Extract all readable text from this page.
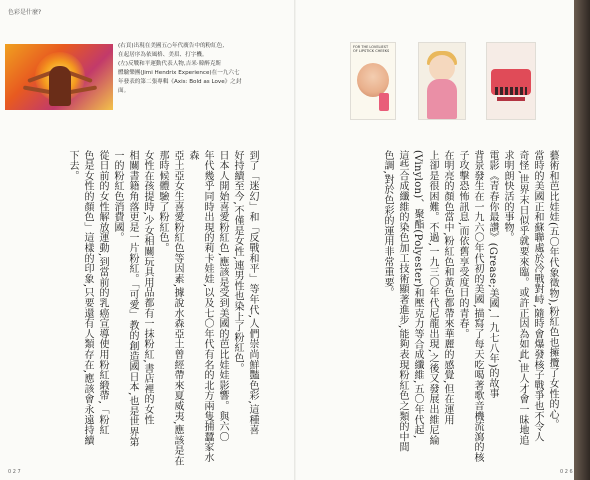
色彩是什麼?
0 2 7	0 2 6
(右頁)出現在美國五○年代廣告中的粉紅色,
在起居序為依風格、美眉、打字機。
(左)反戰和平運動代表人物,吉米‧韓醉克斯
體驗樂團(Jimi Hendrix Experience)在一九六七
年發表的第二張專輯《Axis: Bold as Love》之封
面。
FOR THE LOVELIEST OF LIPSTICK CHEEKS
藝術和芭比娃娃(五〇年代象徵物),粉紅色也擁攬了女性的心。
當時的美國正和蘇聯處於冷戰對峙,隨時會爆發核子戰爭也不令人
奇怪,世界末日似乎就要來臨。或許正因為如此,世人才會一昧地追
求明朗快活的事物。
電影《青春你最讚》(Grease;美國,一九七八年)的故事
背景發生在一九六〇年代初的美國,描寫了每天吃喝著歌音機流瀉的核
子攻擊恐怖訊息,而依舊享受度日的青春。
在明亮的顏色當中,粉紅色和黃色都帶來華麗的感覺,但在運用
上卻是很困難。不過,一九三〇年代尼龍出現,之後又發展出維尼綸
(Vinylon)、聚酯(Polyester)和壓克力等合成纖維,五〇年代起,
這些合成纖維的染色加工技術顯著進步,能夠表現粉紅色之類的中間
色調,對於色彩的運用非常重要。
到了「迷幻」和「反戰和平」等年代,人們崇尚鮮豔色彩,這種喜
好持續至今,不僅是女性,連男性也染上了粉紅色。
日本人開始喜愛粉紅色,應該是受到美國的芭比娃娃影響。與六〇
年代幾乎同時出現的莉卡娃娃,以及七〇年代有名的北方兩隻捕蠶家水森
亞土亞女生喜愛粉紅色等因素,據說水森亞土曾經帶來夏威夷,應該是在
那時候體驗了粉紅色。
女性在孩提時,少女相關玩具用品都有一抹粉紅,書店裡的女性
相關書籍角落更是一片粉紅。「可愛」教的創造國日本,也是世界第
一的粉紅色消費國。
從日前的女性解放運動,到當前的乳癌宣導使用粉紅緞帶,「粉紅
色是女性的顏色」這樣的印象,只要還有人類存在,應該會永遠持續
下去。
